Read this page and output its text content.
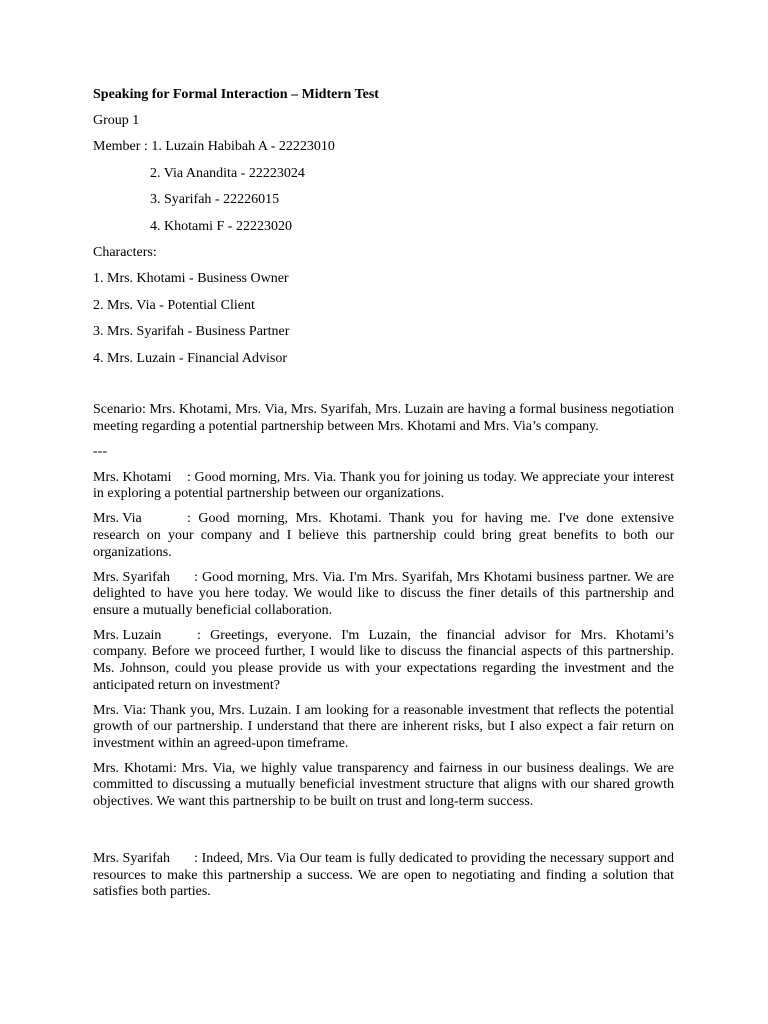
Speaking for Formal Interaction – Midtern Test
Group 1
Member : 1. Luzain Habibah A - 22223010
2. Via Anandita - 22223024
3. Syarifah - 22226015
4. Khotami F - 22223020
Characters:
1. Mrs. Khotami - Business Owner
2. Mrs. Via - Potential Client
3. Mrs. Syarifah - Business Partner
4. Mrs. Luzain - Financial Advisor
Scenario: Mrs. Khotami, Mrs. Via, Mrs. Syarifah, Mrs. Luzain are having a formal business negotiation meeting regarding a potential partnership between Mrs. Khotami and Mrs. Via’s company.
---
Mrs. Khotami : Good morning, Mrs. Via. Thank you for joining us today. We appreciate your interest in exploring a potential partnership between our organizations.
Mrs. Via	: Good morning, Mrs. Khotami. Thank you for having me. I've done extensive research on your company and I believe this partnership could bring great benefits to both our organizations.
Mrs. Syarifah : Good morning, Mrs. Via. I'm Mrs. Syarifah, Mrs Khotami business partner. We are delighted to have you here today. We would like to discuss the finer details of this partnership and ensure a mutually beneficial collaboration.
Mrs. Luzain	: Greetings, everyone. I'm Luzain, the financial advisor for Mrs. Khotami’s company. Before we proceed further, I would like to discuss the financial aspects of this partnership. Ms. Johnson, could you please provide us with your expectations regarding the investment and the anticipated return on investment?
Mrs. Via: Thank you, Mrs. Luzain. I am looking for a reasonable investment that reflects the potential growth of our partnership. I understand that there are inherent risks, but I also expect a fair return on investment within an agreed-upon timeframe.
Mrs. Khotami: Mrs. Via, we highly value transparency and fairness in our business dealings. We are committed to discussing a mutually beneficial investment structure that aligns with our shared growth objectives. We want this partnership to be built on trust and long-term success.
Mrs. Syarifah : Indeed, Mrs. Via Our team is fully dedicated to providing the necessary support and resources to make this partnership a success. We are open to negotiating and finding a solution that satisfies both parties.
